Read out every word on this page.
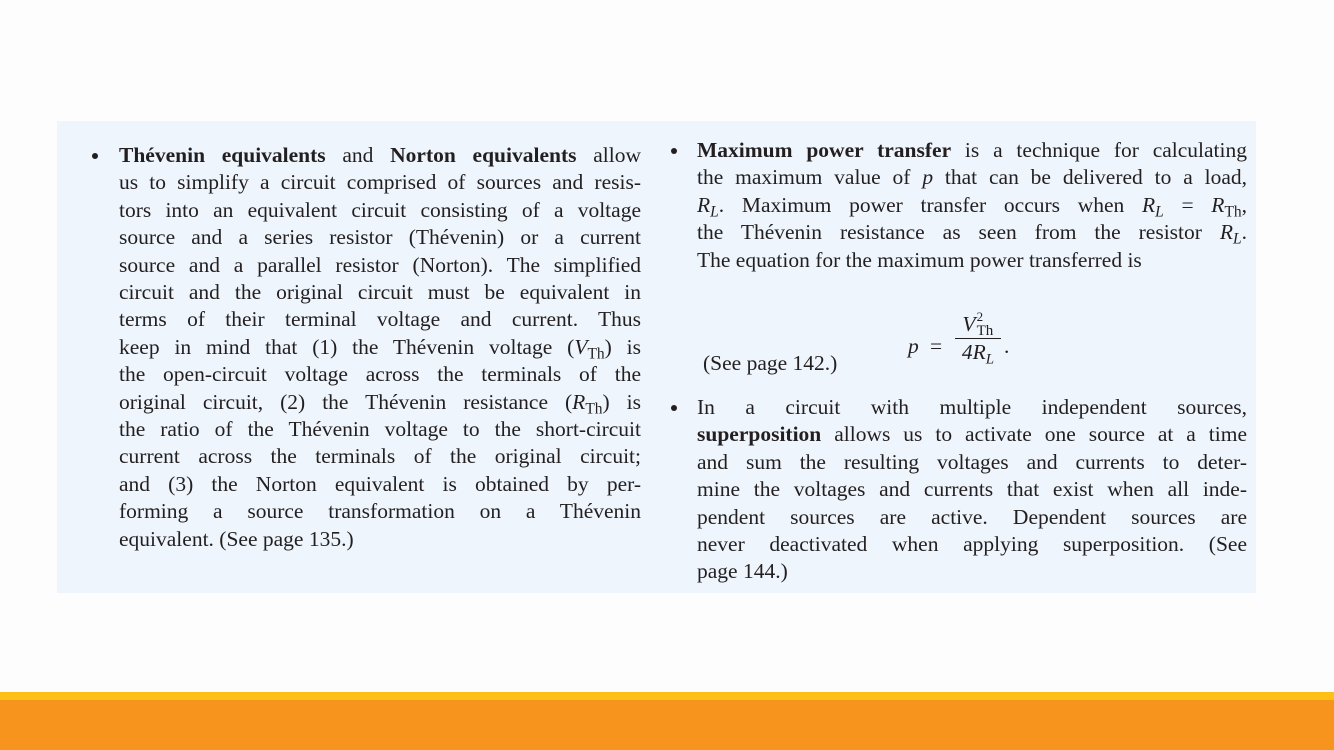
Thévenin equivalents and Norton equivalents allow
us to simplify a circuit comprised of sources and resis-
tors into an equivalent circuit consisting of a voltage
source and a series resistor (Thévenin) or a current
source and a parallel resistor (Norton). The simplified
circuit and the original circuit must be equivalent in
terms of their terminal voltage and current. Thus
keep in mind that (1) the Thévenin voltage $(V_{Th})$ is
the open-circuit voltage across the terminals of the
original circuit, (2) the Thévenin resistance $(R_{Th})$ is
the ratio of the Thévenin voltage to the short-circuit
current across the terminals of the original circuit;
and (3) the Norton equivalent is obtained by per-
forming a source transformation on a Thévenin
equivalent. (See page 135.)
Maximum power transfer is a technique for calculating
the maximum value of p that can be delivered to a load,
$R_L$. Maximum power transfer occurs when $R_L = R_{Th}$,
the Thévenin resistance as seen from the resistor $R_L$.
The equation for the maximum power transferred is
(See page 142.)
p = V 2
Th
$4R_L$ .
In a circuit with multiple independent sources,
superposition allows us to activate one source at a time
and sum the resulting voltages and currents to deter-
mine the voltages and currents that exist when all inde-
pendent sources are active. Dependent sources are
never deactivated when applying superposition. (See
page 144.)
